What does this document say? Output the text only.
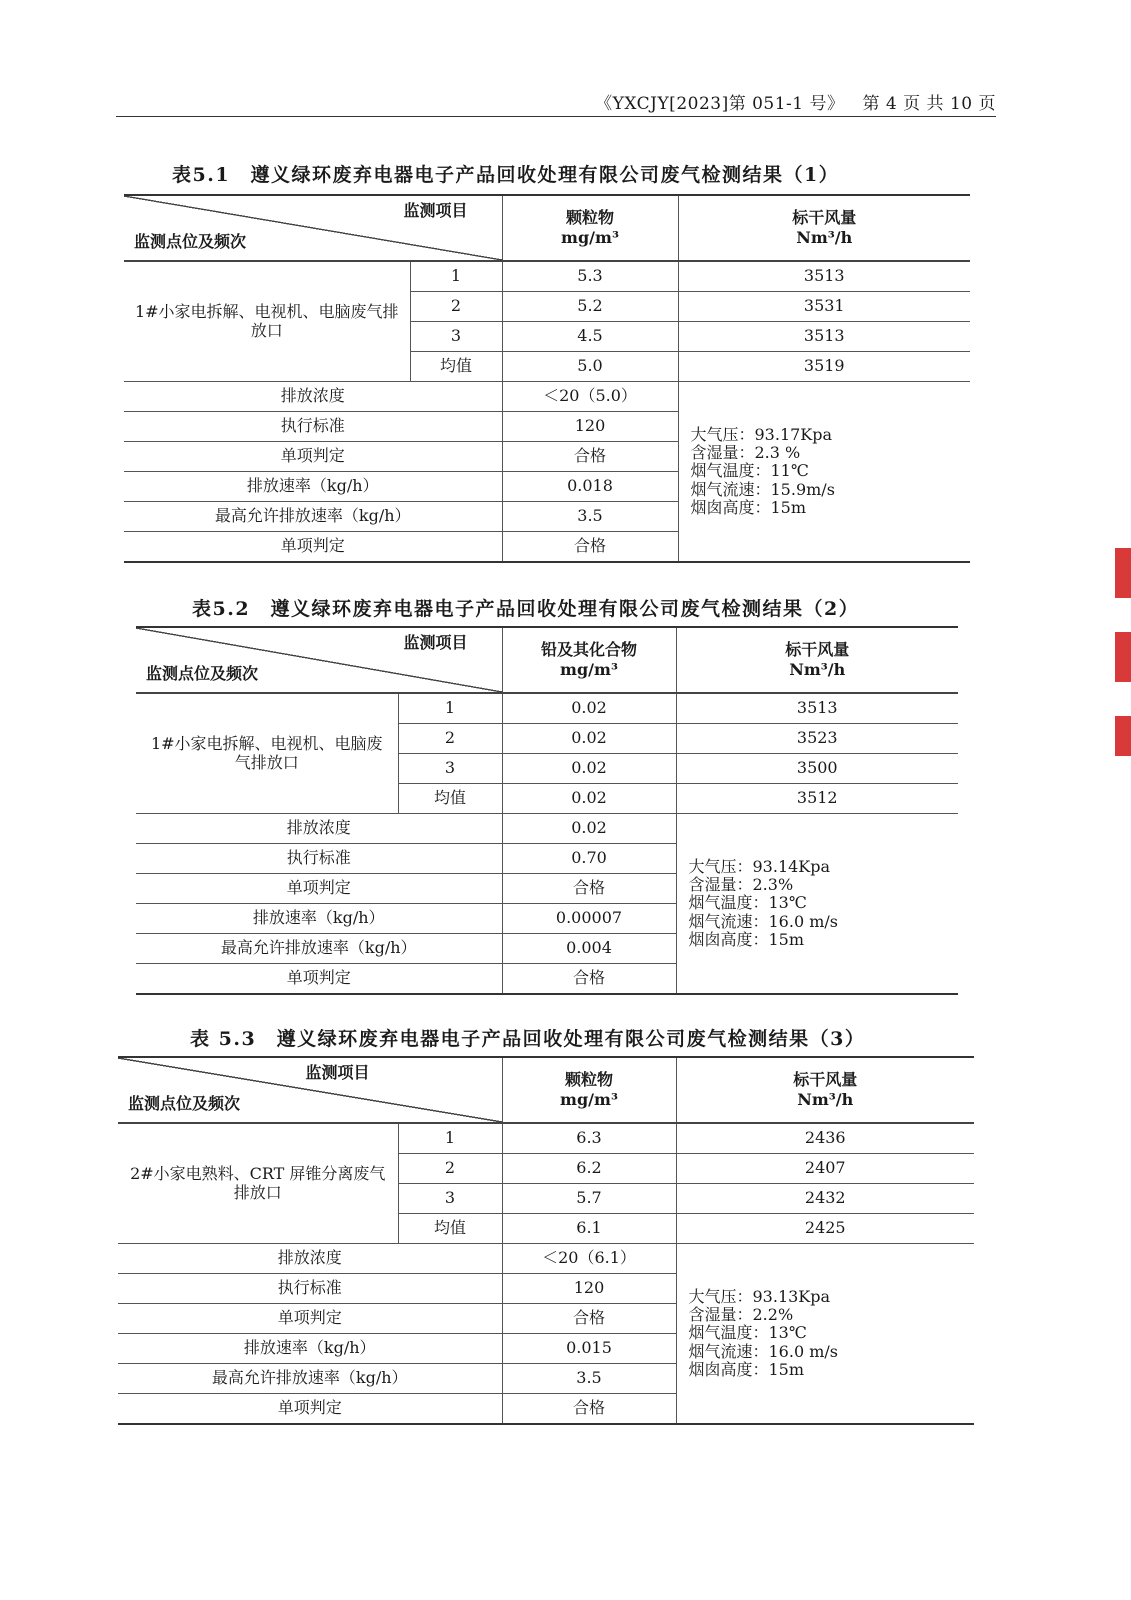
《YXCJY[2023]第 051-1 号》 第 4 页 共 10 页
表5.1　遵义绿环废弃电器电子产品回收处理有限公司废气检测结果（1）
监测项目
监测点位及频次		颗粒物
mg/m³	标干风量
Nm³/h

1#小家电拆解、电视机、电脑废气排放口	1	5.3	3513
	2	5.2	3531
	3	4.5	3513
	均值	5.0	3519
排放浓度		＜20（5.0）	大气压：93.17Kpa
含湿量：2.3 %
烟气温度：11℃
烟气流速：15.9m/s
烟囱高度：15m

执行标准		120	
单项判定		合格	
排放速率（kg/h）		0.018	
最高允许排放速率（kg/h）		3.5	
单项判定		合格	
表5.2　遵义绿环废弃电器电子产品回收处理有限公司废气检测结果（2）
监测项目
监测点位及频次		铅及其化合物
mg/m³	标干风量
Nm³/h

1#小家电拆解、电视机、电脑废气排放口	1	0.02	3513
	2	0.02	3523
	3	0.02	3500
	均值	0.02	3512
排放浓度		0.02	大气压：93.14Kpa
含湿量：2.3%
烟气温度：13℃
烟气流速：16.0 m/s
烟囱高度：15m

执行标准		0.70	
单项判定		合格	
排放速率（kg/h）		0.00007	
最高允许排放速率（kg/h）		0.004	
单项判定		合格	
表 5.3　遵义绿环废弃电器电子产品回收处理有限公司废气检测结果（3）
监测项目
监测点位及频次		颗粒物
mg/m³	标干风量
Nm³/h

2#小家电熟料、CRT 屏锥分离废气排放口	1	6.3	2436
	2	6.2	2407
	3	5.7	2432
	均值	6.1	2425
排放浓度		＜20（6.1）	大气压：93.13Kpa
含湿量：2.2%
烟气温度：13℃
烟气流速：16.0 m/s
烟囱高度：15m

执行标准		120	
单项判定		合格	
排放速率（kg/h）		0.015	
最高允许排放速率（kg/h）		3.5	
单项判定		合格	
